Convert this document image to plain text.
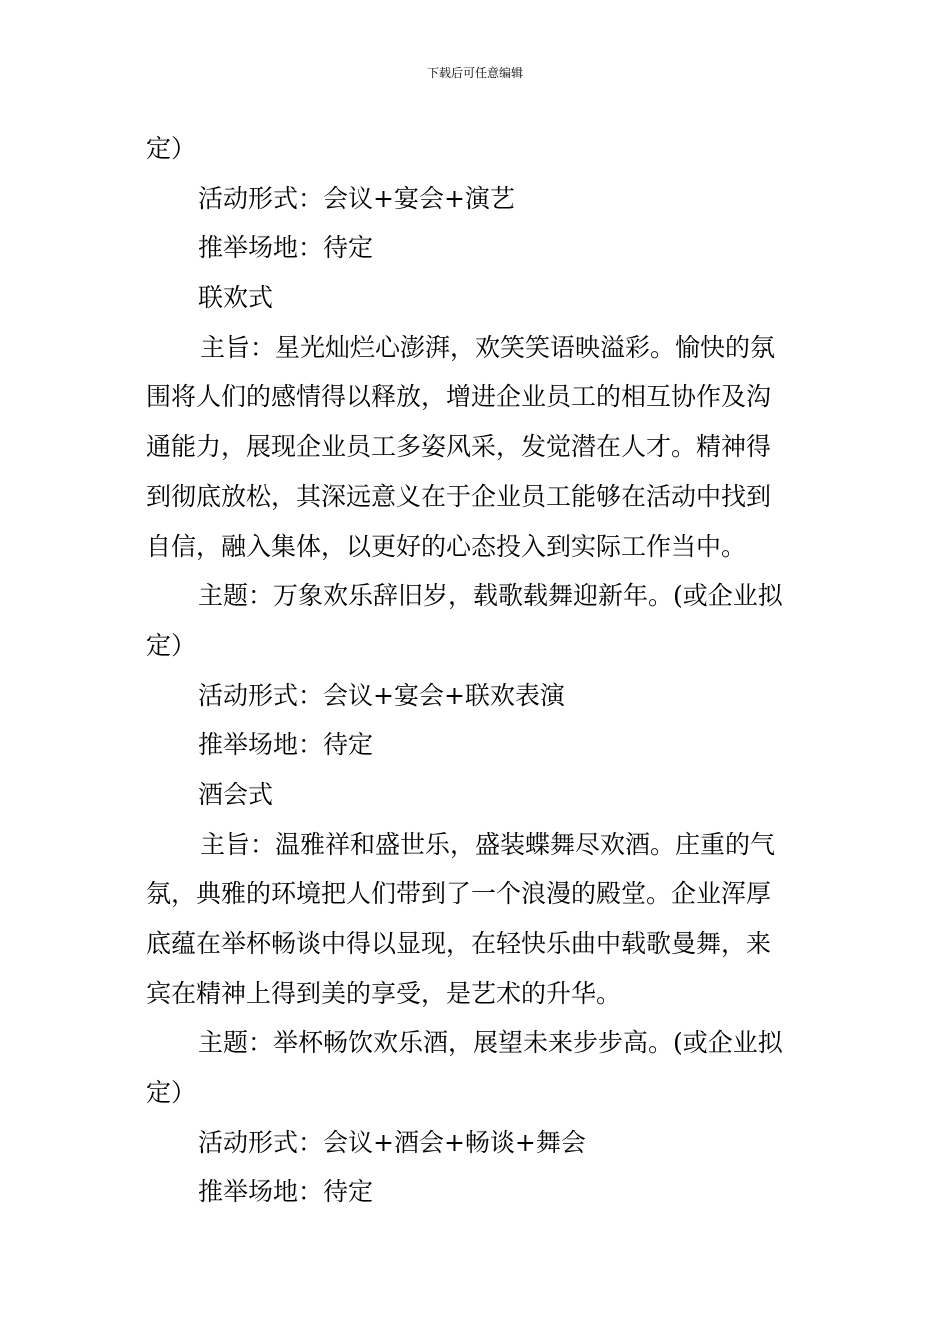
下载后可任意编辑
定）
活动形式：会议+宴会+演艺
推举场地：待定
联欢式
主旨：星光灿烂心澎湃，欢笑笑语映溢彩。愉快的氛
围将人们的感情得以释放，增进企业员工的相互协作及沟
通能力，展现企业员工多姿风采，发觉潜在人才。精神得
到彻底放松，其深远意义在于企业员工能够在活动中找到
自信，融入集体，以更好的心态投入到实际工作当中。
主题：万象欢乐辞旧岁，载歌载舞迎新年。(或企业拟
定）
活动形式：会议+宴会+联欢表演
推举场地：待定
酒会式
主旨：温雅祥和盛世乐，盛装蝶舞尽欢酒。庄重的气
氛，典雅的环境把人们带到了一个浪漫的殿堂。企业浑厚
底蕴在举杯畅谈中得以显现，在轻快乐曲中载歌曼舞，来
宾在精神上得到美的享受，是艺术的升华。
主题：举杯畅饮欢乐酒，展望未来步步高。(或企业拟
定）
活动形式：会议+酒会+畅谈+舞会
推举场地：待定
